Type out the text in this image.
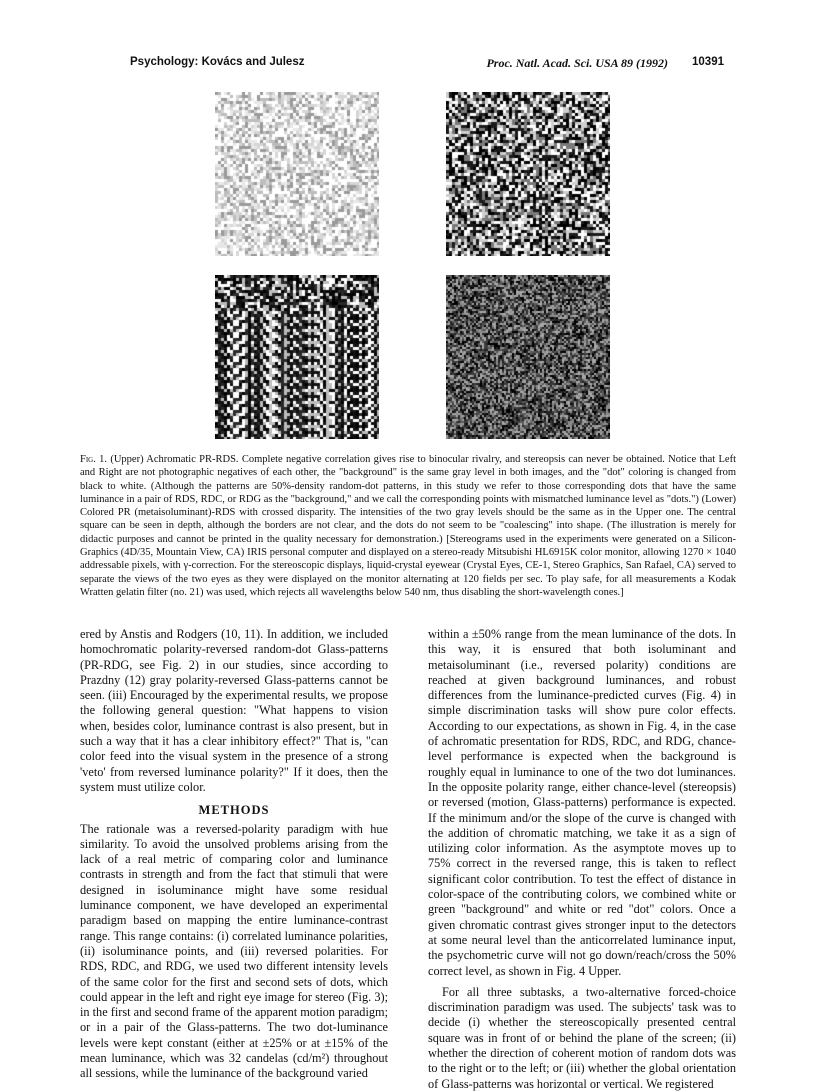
Psychology: Kovács and Julesz	Proc. Natl. Acad. Sci. USA 89 (1992) 10391
Fig. 1. (Upper) Achromatic PR-RDS. Complete negative correlation gives rise to binocular rivalry, and stereopsis can never be obtained. Notice that Left and Right are not photographic negatives of each other, the "background" is the same gray level in both images, and the "dot" coloring is changed from black to white. (Although the patterns are 50%-density random-dot patterns, in this study we refer to those corresponding dots that have the same luminance in a pair of RDS, RDC, or RDG as the "background," and we call the corresponding points with mismatched luminance level as "dots.") (Lower) Colored PR (metaisoluminant)-RDS with crossed disparity. The intensities of the two gray levels should be the same as in the Upper one. The central square can be seen in depth, although the borders are not clear, and the dots do not seem to be "coalescing" into shape. (The illustration is merely for didactic purposes and cannot be printed in the quality necessary for demonstration.) [Stereograms used in the experiments were generated on a Silicon-Graphics (4D/35, Mountain View, CA) IRIS personal computer and displayed on a stereo-ready Mitsubishi HL6915K color monitor, allowing 1270 × 1040 addressable pixels, with γ-correction. For the stereoscopic displays, liquid-crystal eyewear (Crystal Eyes, CE-1, Stereo Graphics, San Rafael, CA) served to separate the views of the two eyes as they were displayed on the monitor alternating at 120 fields per sec. To play safe, for all measurements a Kodak Wratten gelatin filter (no. 21) was used, which rejects all wavelengths below 540 nm, thus disabling the short-wavelength cones.]

ered by Anstis and Rodgers (10, 11). In addition, we included homochromatic polarity-reversed random-dot Glass-patterns (PR-RDG, see Fig. 2) in our studies, since according to Prazdny (12) gray polarity-reversed Glass-patterns cannot be seen. (iii) Encouraged by the experimental results, we propose the following general question: "What happens to vision when, besides color, luminance contrast is also present, but in such a way that it has a clear inhibitory effect?" That is, "can color feed into the visual system in the presence of a strong 'veto' from reversed luminance polarity?" If it does, then the system must utilize color.

METHODS

The rationale was a reversed-polarity paradigm with hue similarity. To avoid the unsolved problems arising from the lack of a real metric of comparing color and luminance contrasts in strength and from the fact that stimuli that were designed in isoluminance might have some residual luminance component, we have developed an experimental paradigm based on mapping the entire luminance-contrast range. This range contains: (i) correlated luminance polarities, (ii) isoluminance points, and (iii) reversed polarities. For RDS, RDC, and RDG, we used two different intensity levels of the same color for the first and second sets of dots, which could appear in the left and right eye image for stereo (Fig. 3); in the first and second frame of the apparent motion paradigm; or in a pair of the Glass-patterns. The two dot-luminance levels were kept constant (either at ±25% or at ±15% of the mean luminance, which was 32 candelas (cd/m²) throughout all sessions, while the luminance of the background varied

within a ±50% range from the mean luminance of the dots. In this way, it is ensured that both isoluminant and metaisoluminant (i.e., reversed polarity) conditions are reached at given background luminances, and robust differences from the luminance-predicted curves (Fig. 4) in simple discrimination tasks will show pure color effects. According to our expectations, as shown in Fig. 4, in the case of achromatic presentation for RDS, RDC, and RDG, chance-level performance is expected when the background is roughly equal in luminance to one of the two dot luminances. In the opposite polarity range, either chance-level (stereopsis) or reversed (motion, Glass-patterns) performance is expected. If the minimum and/or the slope of the curve is changed with the addition of chromatic matching, we take it as a sign of utilizing color information. As the asymptote moves up to 75% correct in the reversed range, this is taken to reflect significant color contribution. To test the effect of distance in color-space of the contributing colors, we combined white or green "background" and white or red "dot" colors. Once a given chromatic contrast gives stronger input to the detectors at some neural level than the anticorrelated luminance input, the psychometric curve will not go down/reach/cross the 50% correct level, as shown in Fig. 4 Upper.

For all three subtasks, a two-alternative forced-choice discrimination paradigm was used. The subjects' task was to decide (i) whether the stereoscopically presented central square was in front of or behind the plane of the screen; (ii) whether the direction of coherent motion of random dots was to the right or to the left; or (iii) whether the global orientation of Glass-patterns was horizontal or vertical. We registered
